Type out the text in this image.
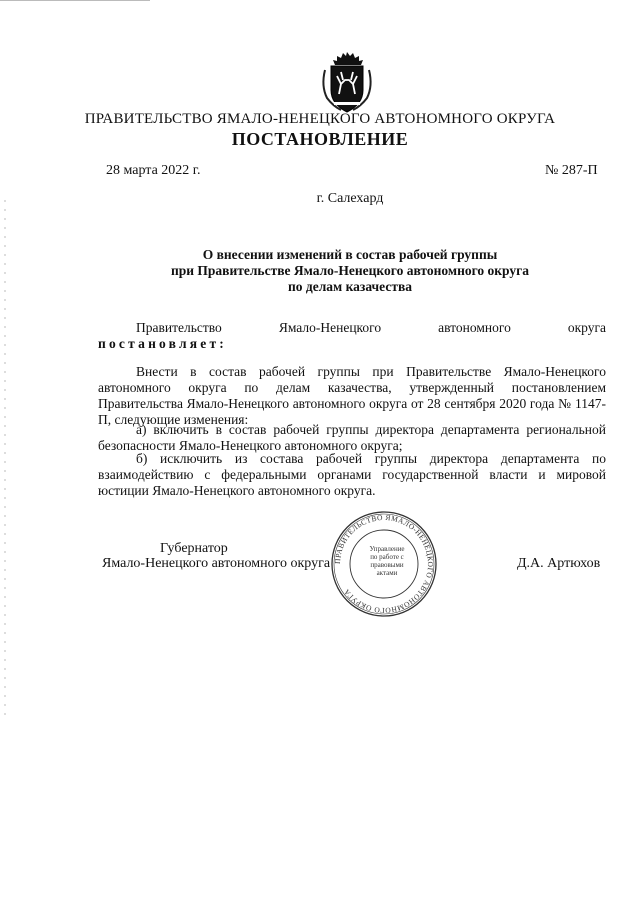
ПРАВИТЕЛЬСТВО ЯМАЛО-НЕНЕЦКОГО АВТОНОМНОГО ОКРУГА
ПОСТАНОВЛЕНИЕ
28 марта 2022 г.	№ 287-П
г. Салехард
О внесении изменений в состав рабочей группы
при Правительстве Ямало-Ненецкого автономного округа
по делам казачества
Правительство	Ямало-Ненецкого	автономного	округа
постановляет:
Внести в состав рабочей группы при Правительстве Ямало-Ненецкого автономного округа по делам казачества, утвержденный постановлением Правительства Ямало-Ненецкого автономного округа от 28 сентября 2020 года № 1147-П, следующие изменения:
а) включить в состав рабочей группы директора департамента региональной безопасности Ямало-Ненецкого автономного округа;
б) исключить из состава рабочей группы директора департамента по взаимодействию с федеральными органами государственной власти и мировой юстиции Ямало-Ненецкого автономного округа.
ПРАВИТЕЛЬСТВО ЯМАЛО-НЕНЕЦКОГО АВТОНОМНОГО ОКРУГА
Управление по работе с правовыми актами
Губернатор
Ямало-Ненецкого автономного округа	Д.А. Артюхов
